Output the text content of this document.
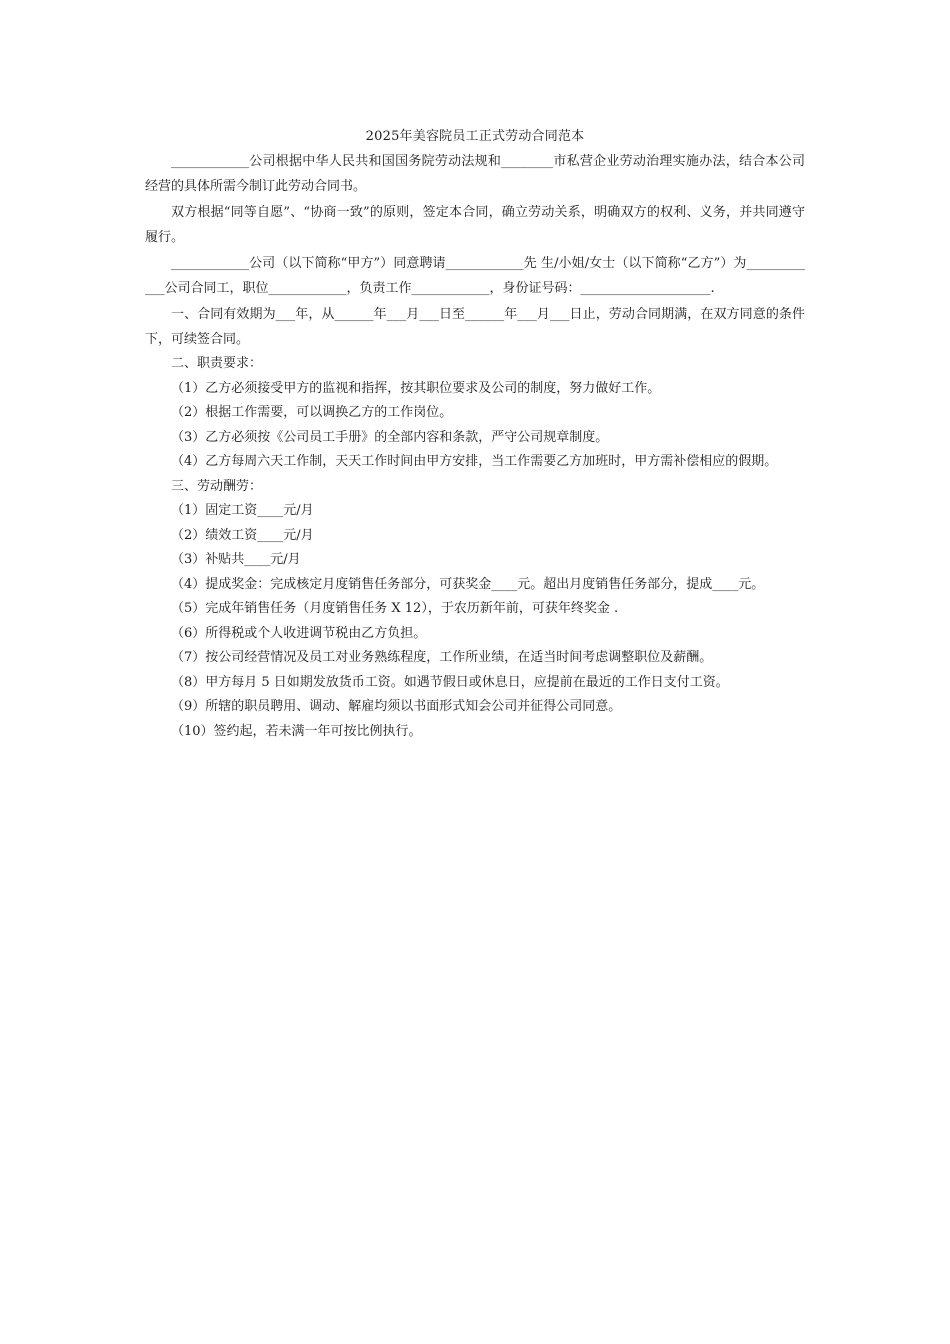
2025年美容院员工正式劳动合同范本

____________公司根据中华人民共和国国务院劳动法规和________市私营企业劳动治理实施办法，结合本公司经营的具体所需今制订此劳动合同书。

双方根据“同等自愿”、“协商一致”的原则，签定本合同，确立劳动关系，明确双方的权利、义务，并共同遵守履行。

____________公司（以下简称“甲方”）同意聘请____________先 生/小姐/女士（以下简称“乙方”）为____________公司合同工，职位____________，负责工作____________，身份证号码：____________________.

一、合同有效期为___年，从______年___月___日至______年___月___日止，劳动合同期满，在双方同意的条件下，可续签合同。

二、职责要求：

（1）乙方必须接受甲方的监视和指挥，按其职位要求及公司的制度，努力做好工作。

（2）根据工作需要，可以调换乙方的工作岗位。

（3）乙方必须按《公司员工手册》的全部内容和条款，严守公司规章制度。

（4）乙方每周六天工作制，天天工作时间由甲方安排，当工作需要乙方加班时，甲方需补偿相应的假期。

三、劳动酬劳：

（1）固定工资____元/月

（2）绩效工资____元/月

（3）补贴共____元/月

（4）提成奖金：完成核定月度销售任务部分，可获奖金____元。超出月度销售任务部分，提成____元。

（5）完成年销售任务（月度销售任务 X 12），于农历新年前，可获年终奖金 .

（6）所得税或个人收进调节税由乙方负担。

（7）按公司经营情况及员工对业务熟练程度，工作所业绩，在适当时间考虑调整职位及薪酬。

（8）甲方每月 5 日如期发放货币工资。如遇节假日或休息日，应提前在最近的工作日支付工资。

（9）所辖的职员聘用、调动、解雇均须以书面形式知会公司并征得公司同意。

（10）签约起，若未满一年可按比例执行。
